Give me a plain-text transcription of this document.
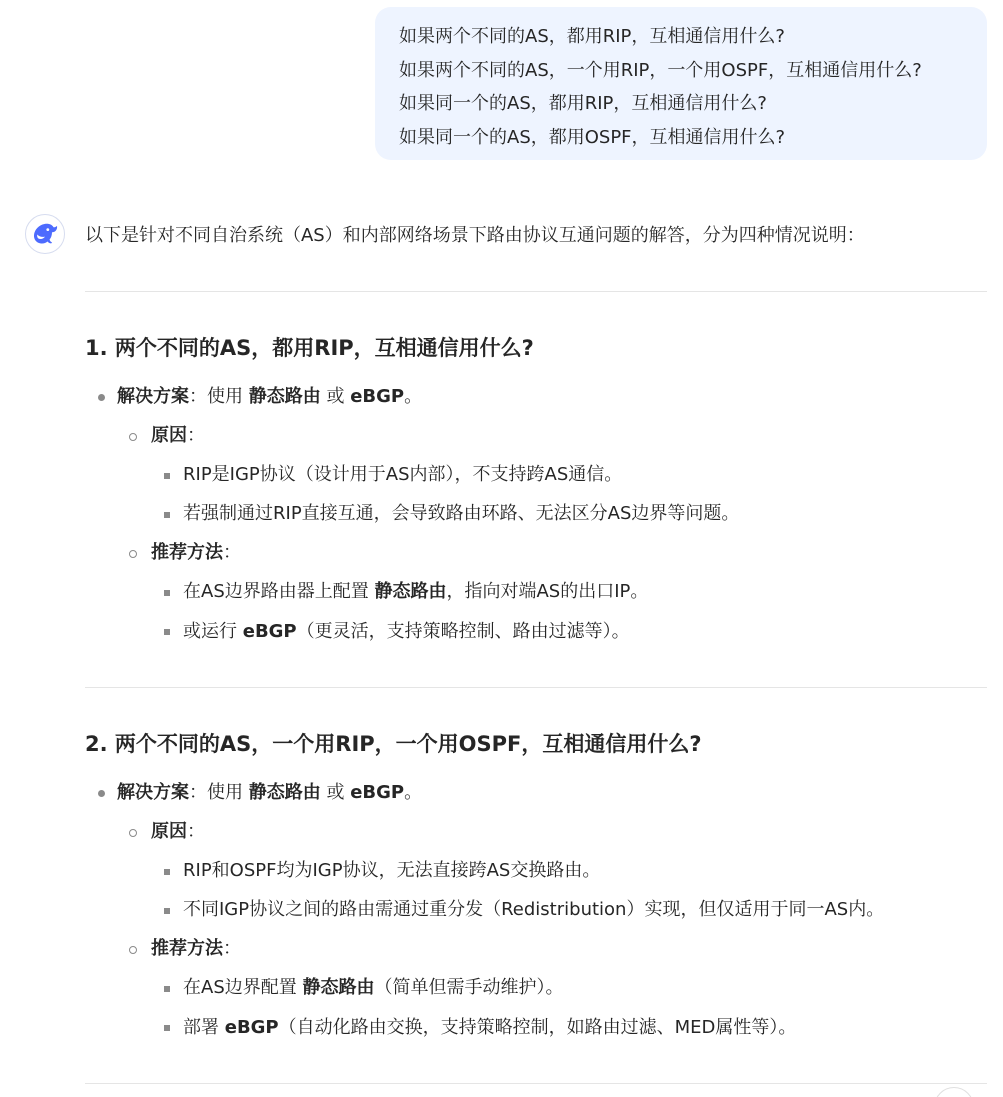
如果两个不同的AS，都用RIP，互相通信用什么?
如果两个不同的AS，一个用RIP，一个用OSPF，互相通信用什么?
如果同一个的AS，都用RIP，互相通信用什么?
如果同一个的AS，都用OSPF，互相通信用什么?
以下是针对不同自治系统（AS）和内部网络场景下路由协议互通问题的解答，分为四种情况说明：
1. 两个不同的AS，都用RIP，互相通信用什么?
解决方案：使用 静态路由 或 eBGP。
原因：
RIP是IGP协议（设计用于AS内部），不支持跨AS通信。
若强制通过RIP直接互通，会导致路由环路、无法区分AS边界等问题。
推荐方法：
在AS边界路由器上配置 静态路由，指向对端AS的出口IP。
或运行 eBGP（更灵活，支持策略控制、路由过滤等）。
2. 两个不同的AS，一个用RIP，一个用OSPF，互相通信用什么?
解决方案：使用 静态路由 或 eBGP。
原因：
RIP和OSPF均为IGP协议，无法直接跨AS交换路由。
不同IGP协议之间的路由需通过重分发（Redistribution）实现，但仅适用于同一AS内。
推荐方法：
在AS边界配置 静态路由（简单但需手动维护）。
部署 eBGP（自动化路由交换，支持策略控制，如路由过滤、MED属性等）。
